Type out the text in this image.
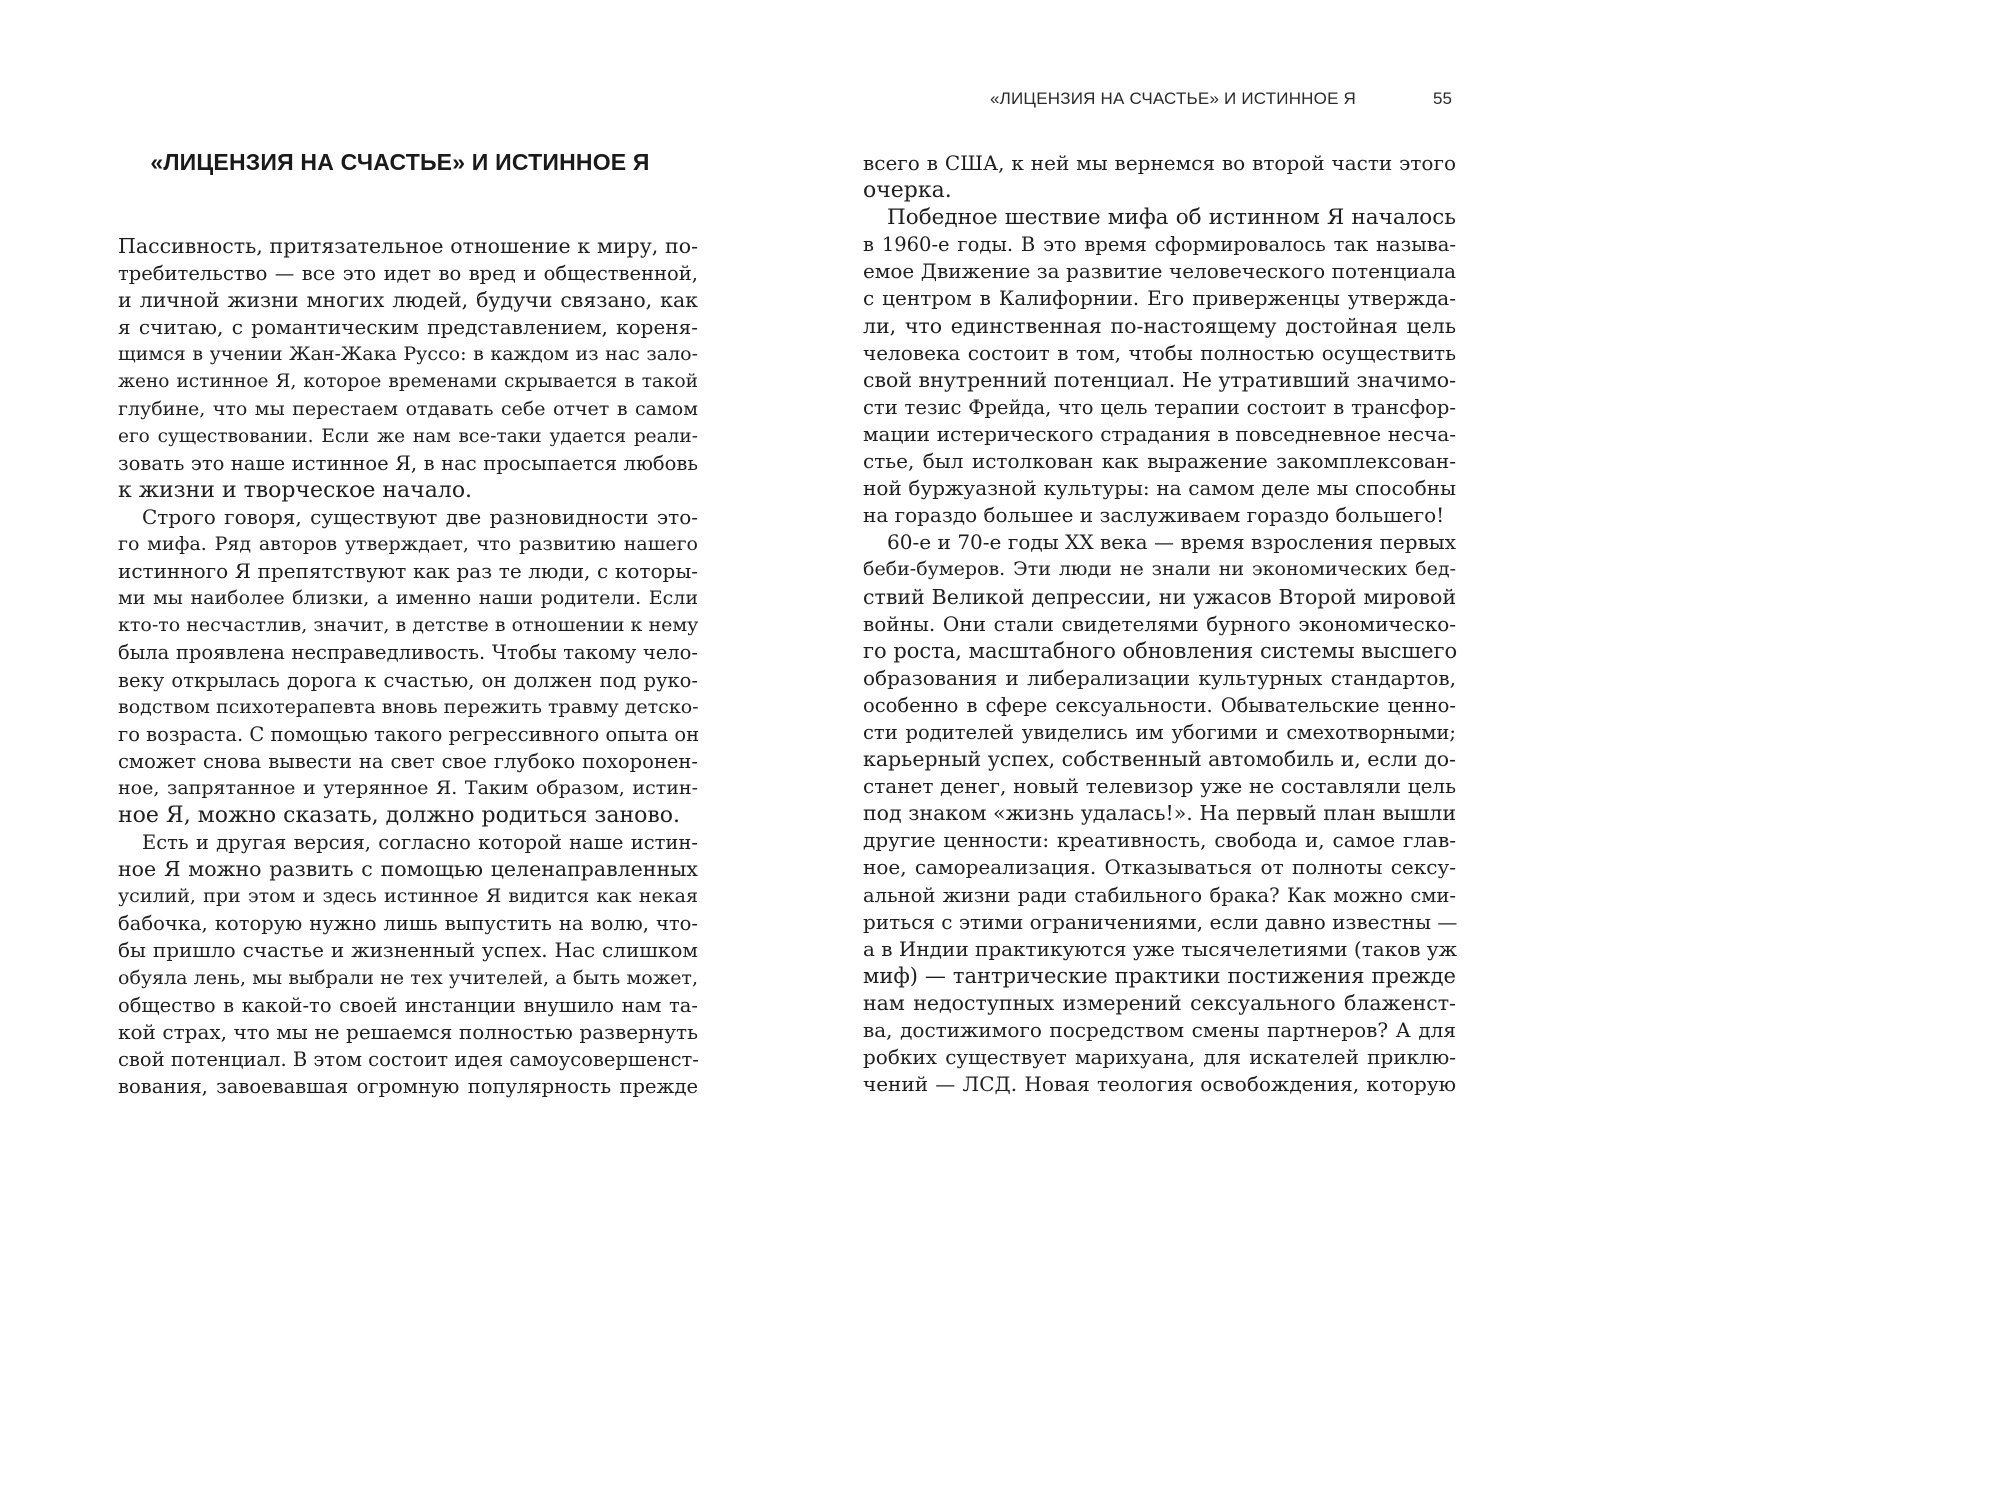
«ЛИЦЕНЗИЯ НА СЧАСТЬЕ» И ИСТИННОЕ Я
Пассивность, притязательное отношение к миру, по-
требительство — все это идет во вред и общественной,
и личной жизни многих людей, будучи связано, как
я считаю, с романтическим представлением, кореня-
щимся в учении Жан-Жака Руссо: в каждом из нас зало-
жено истинное Я, которое временами скрывается в такой
глубине, что мы перестаем отдавать себе отчет в самом
его существовании. Если же нам все-таки удается реали-
зовать это наше истинное Я, в нас просыпается любовь
к жизни и творческое начало.
Строго говоря, существуют две разновидности это-
го мифа. Ряд авторов утверждает, что развитию нашего
истинного Я препятствуют как раз те люди, с которы-
ми мы наиболее близки, а именно наши родители. Если
кто-то несчастлив, значит, в детстве в отношении к нему
была проявлена несправедливость. Чтобы такому чело-
веку открылась дорога к счастью, он должен под руко-
водством психотерапевта вновь пережить травму детско-
го возраста. С помощью такого регрессивного опыта он
сможет снова вывести на свет свое глубоко похоронен-
ное, запрятанное и утерянное Я. Таким образом, истин-
ное Я, можно сказать, должно родиться заново.
Есть и другая версия, согласно которой наше истин-
ное Я можно развить с помощью целенаправленных
усилий, при этом и здесь истинное Я видится как некая
бабочка, которую нужно лишь выпустить на волю, что-
бы пришло счастье и жизненный успех. Нас слишком
обуяла лень, мы выбрали не тех учителей, а быть может,
общество в какой-то своей инстанции внушило нам та-
кой страх, что мы не решаемся полностью развернуть
свой потенциал. В этом состоит идея самоусовершенст-
вования, завоевавшая огромную популярность прежде
«ЛИЦЕНЗИЯ НА СЧАСТЬЕ» И ИСТИННОЕ Я	55
всего в США, к ней мы вернемся во второй части этого
очерка.
Победное шествие мифа об истинном Я началось
в 1960-е годы. В это время сформировалось так называ-
емое Движение за развитие человеческого потенциала
с центром в Калифорнии. Его приверженцы утвержда-
ли, что единственная по-настоящему достойная цель
человека состоит в том, чтобы полностью осуществить
свой внутренний потенциал. Не утративший значимо-
сти тезис Фрейда, что цель терапии состоит в трансфор-
мации истерического страдания в повседневное несча-
стье, был истолкован как выражение закомплексован-
ной буржуазной культуры: на самом деле мы способны
на гораздо большее и заслуживаем гораздо большего!
60-е и 70-е годы XX века — время взросления первых
беби-бумеров. Эти люди не знали ни экономических бед-
ствий Великой депрессии, ни ужасов Второй мировой
войны. Они стали свидетелями бурного экономическо-
го роста, масштабного обновления системы высшего
образования и либерализации культурных стандартов,
особенно в сфере сексуальности. Обывательские ценно-
сти родителей увиделись им убогими и смехотворными;
карьерный успех, собственный автомобиль и, если до-
станет денег, новый телевизор уже не составляли цель
под знаком «жизнь удалась!». На первый план вышли
другие ценности: креативность, свобода и, самое глав-
ное, самореализация. Отказываться от полноты сексу-
альной жизни ради стабильного брака? Как можно сми-
риться с этими ограничениями, если давно известны —
а в Индии практикуются уже тысячелетиями (таков уж
миф) — тантрические практики постижения прежде
нам недоступных измерений сексуального блаженст-
ва, достижимого посредством смены партнеров? А для
робких существует марихуана, для искателей приклю-
чений — ЛСД. Новая теология освобождения, которую
